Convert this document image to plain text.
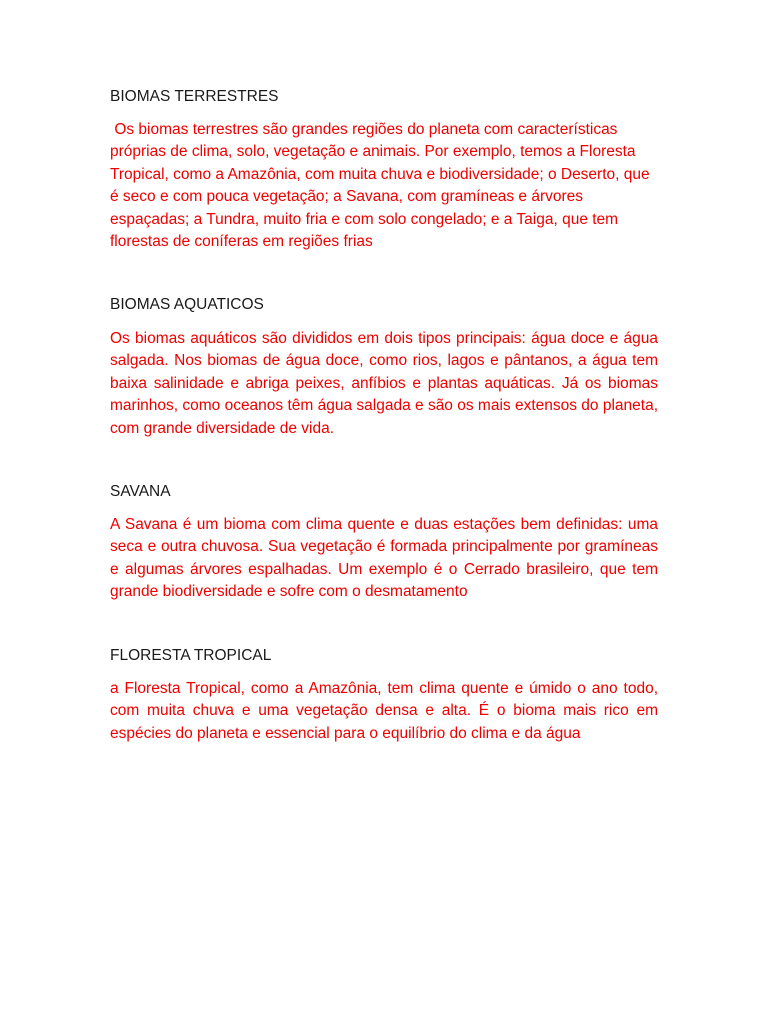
BIOMAS TERRESTRES

Os biomas terrestres são grandes regiões do planeta com características próprias de clima, solo, vegetação e animais. Por exemplo, temos a Floresta Tropical, como a Amazônia, com muita chuva e biodiversidade; o Deserto, que é seco e com pouca vegetação; a Savana, com gramíneas e árvores espaçadas; a Tundra, muito fria e com solo congelado; e a Taiga, que tem florestas de coníferas em regiões frias

BIOMAS AQUATICOS

Os biomas aquáticos são divididos em dois tipos principais: água doce e água salgada. Nos biomas de água doce, como rios, lagos e pântanos, a água tem baixa salinidade e abriga peixes, anfíbios e plantas aquáticas. Já os biomas marinhos, como oceanos têm água salgada e são os mais extensos do planeta, com grande diversidade de vida.

SAVANA

A Savana é um bioma com clima quente e duas estações bem definidas: uma seca e outra chuvosa. Sua vegetação é formada principalmente por gramíneas e algumas árvores espalhadas. Um exemplo é o Cerrado brasileiro, que tem grande biodiversidade e sofre com o desmatamento

FLORESTA TROPICAL

a Floresta Tropical, como a Amazônia, tem clima quente e úmido o ano todo, com muita chuva e uma vegetação densa e alta. É o bioma mais rico em espécies do planeta e essencial para o equilíbrio do clima e da água
